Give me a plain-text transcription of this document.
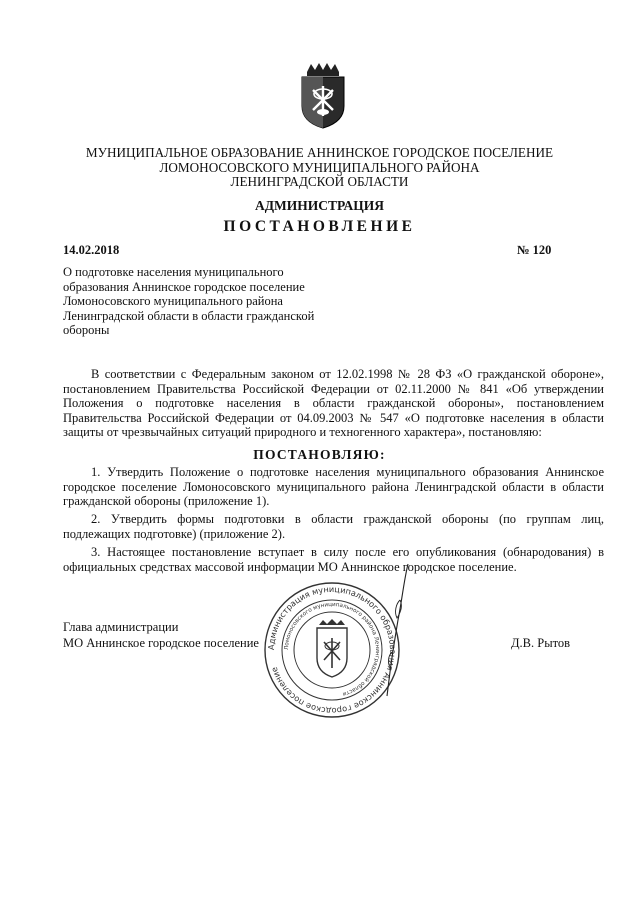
МУНИЦИПАЛЬНОЕ ОБРАЗОВАНИЕ АННИНСКОЕ ГОРОДСКОЕ ПОСЕЛЕНИЕ
ЛОМОНОСОВСКОГО МУНИЦИПАЛЬНОГО РАЙОНА
ЛЕНИНГРАДСКОЙ ОБЛАСТИ
АДМИНИСТРАЦИЯ
ПОСТАНОВЛЕНИЕ
14.02.2018	№ 120
О подготовке населения муниципального
образования Аннинское городское поселение
Ломоносовского муниципального района
Ленинградской области в области гражданской
обороны
В соответствии с Федеральным законом от 12.02.1998 № 28 ФЗ «О гражданской обороне»,
постановлением Правительства Российской Федерации от 02.11.2000 № 841 «Об утверждении
Положения о подготовке населения в области гражданской обороны», постановлением
Правительства Российской Федерации от 04.09.2003 № 547 «О подготовке населения в области
защиты от чрезвычайных ситуаций природного и техногенного характера», постановляю:
ПОСТАНОВЛЯЮ:
1. Утвердить Положение о подготовке населения муниципального образования Аннинское
городское поселение Ломоносовского муниципального района Ленинградской области в области
гражданской обороны (приложение 1).
2. Утвердить формы подготовки в области гражданской обороны (по группам лиц,
подлежащих подготовке) (приложение 2).
3. Настоящее постановление вступает в силу после его опубликования (обнародования) в
официальных средствах массовой информации МО Аннинское городское поселение.
Глава администрации
МО Аннинское городское поселение	Д.В. Рытов
Администрация муниципального образования Аннинское городское поселение
Ломоносовского муниципального района Ленинградской области
